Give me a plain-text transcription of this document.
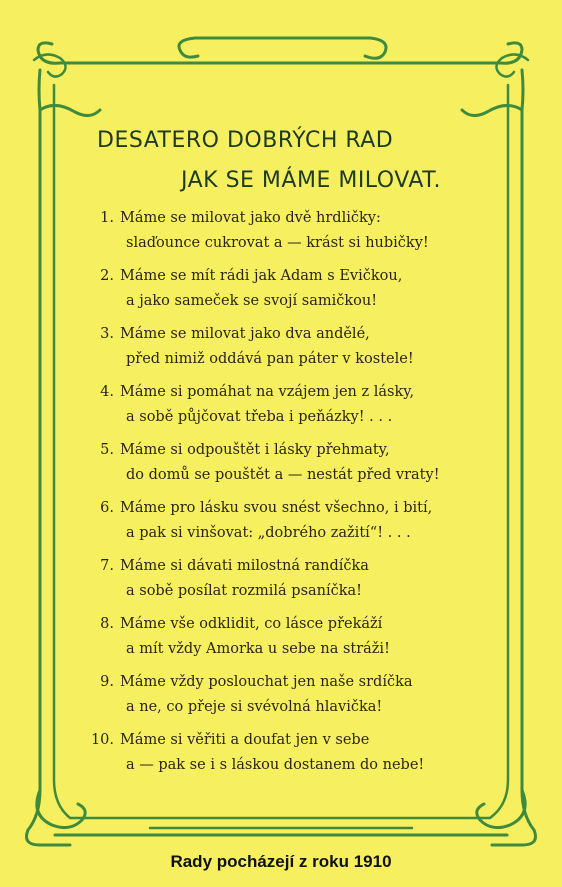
DESATERO DOBRÝCH RAD
JAK SE MÁME MILOVAT.
1. Máme se milovat jako dvě hrdličky:
slaďounce cukrovat a — krást si hubičky!
2. Máme se mít rádi jak Adam s Evičkou,
a jako sameček se svojí samičkou!
3. Máme se milovat jako dva andělé,
před nimiž oddává pan páter v kostele!
4. Máme si pomáhat na vzájem jen z lásky,
a sobě půjčovat třeba i peňázky! . . .
5. Máme si odpouštět i lásky přehmaty,
do domů se pouštět a — nestát před vraty!
6. Máme pro lásku svou snést všechno, i bití,
a pak si vinšovat: „dobrého zažití“! . . .
7. Máme si dávati milostná randíčka
a sobě posílat rozmilá psaníčka!
8. Máme vše odklidit, co lásce překáží
a mít vždy Amorka u sebe na stráži!
9. Máme vždy poslouchat jen naše srdíčka
a ne, co přeje si svévolná hlavička!
10. Máme si věřiti a doufat jen v sebe
a — pak se i s láskou dostanem do nebe!
Rady pocházejí z roku 1910
